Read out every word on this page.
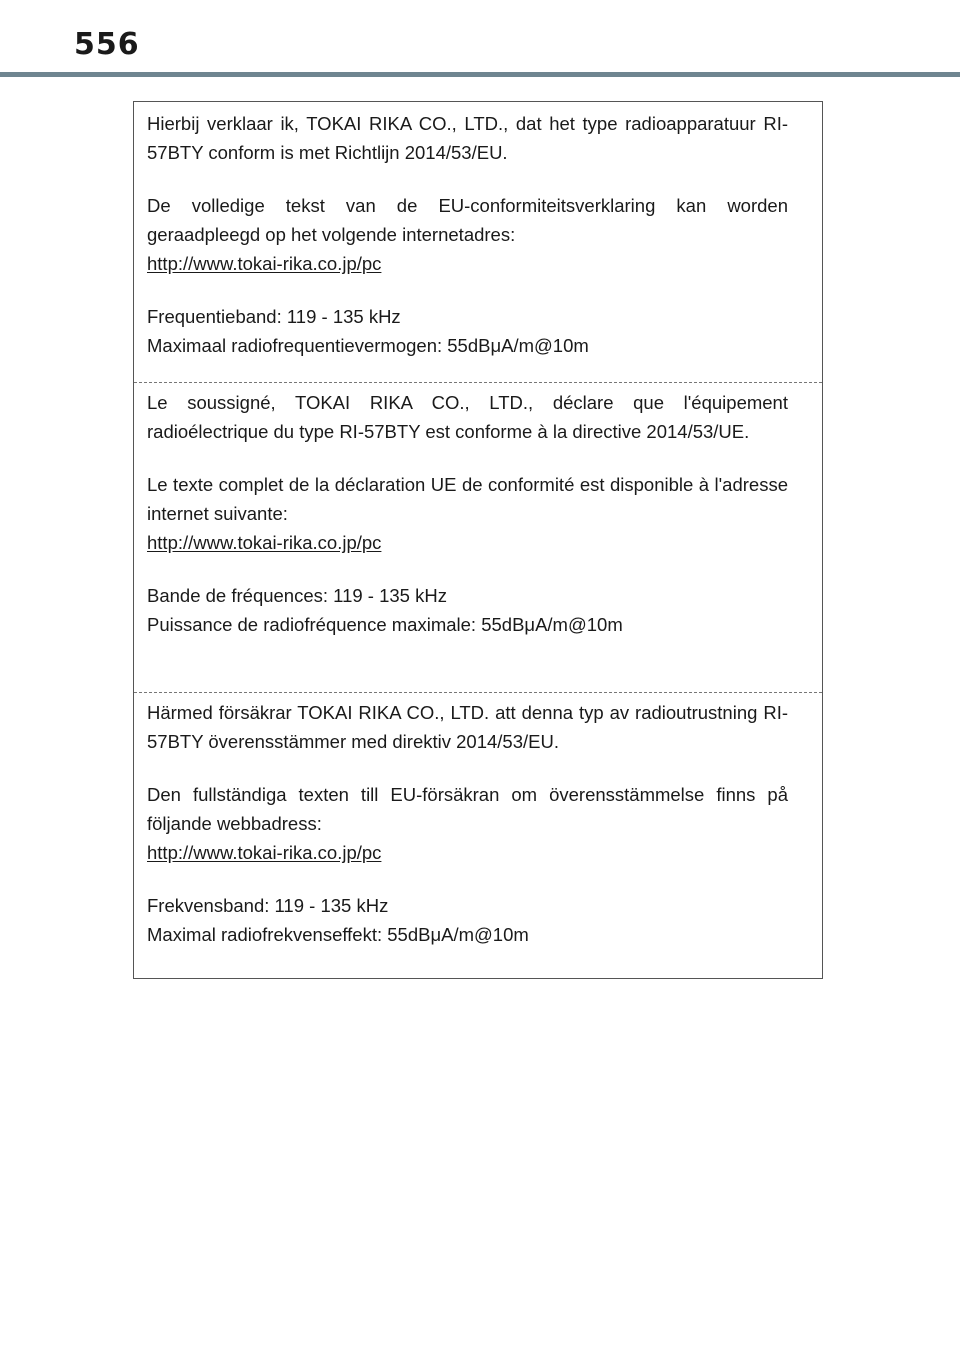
556

Hierbij verklaar ik, TOKAI RIKA CO., LTD., dat het type radioapparatuur RI-57BTY conform is met Richtlijn 2014/53/EU.

De volledige tekst van de EU-conformiteitsverklaring kan worden geraadpleegd op het volgende internetadres:
http://www.tokai-rika.co.jp/pc

Frequentieband: 119 - 135 kHz
Maximaal radiofrequentievermogen: 55dBμA/m@10m

Le soussigné, TOKAI RIKA CO., LTD., déclare que l'équipement radioélectrique du type RI-57BTY est conforme à la directive 2014/53/UE.

Le texte complet de la déclaration UE de conformité est disponible à l'adresse internet suivante:
http://www.tokai-rika.co.jp/pc

Bande de fréquences: 119 - 135 kHz
Puissance de radiofréquence maximale: 55dBμA/m@10m

Härmed försäkrar TOKAI RIKA CO., LTD. att denna typ av radioutrustning RI-57BTY överensstämmer med direktiv 2014/53/EU.

Den fullständiga texten till EU-försäkran om överensstämmelse finns på följande webbadress:
http://www.tokai-rika.co.jp/pc

Frekvensband: 119 - 135 kHz
Maximal radiofrekvenseffekt: 55dBμA/m@10m
